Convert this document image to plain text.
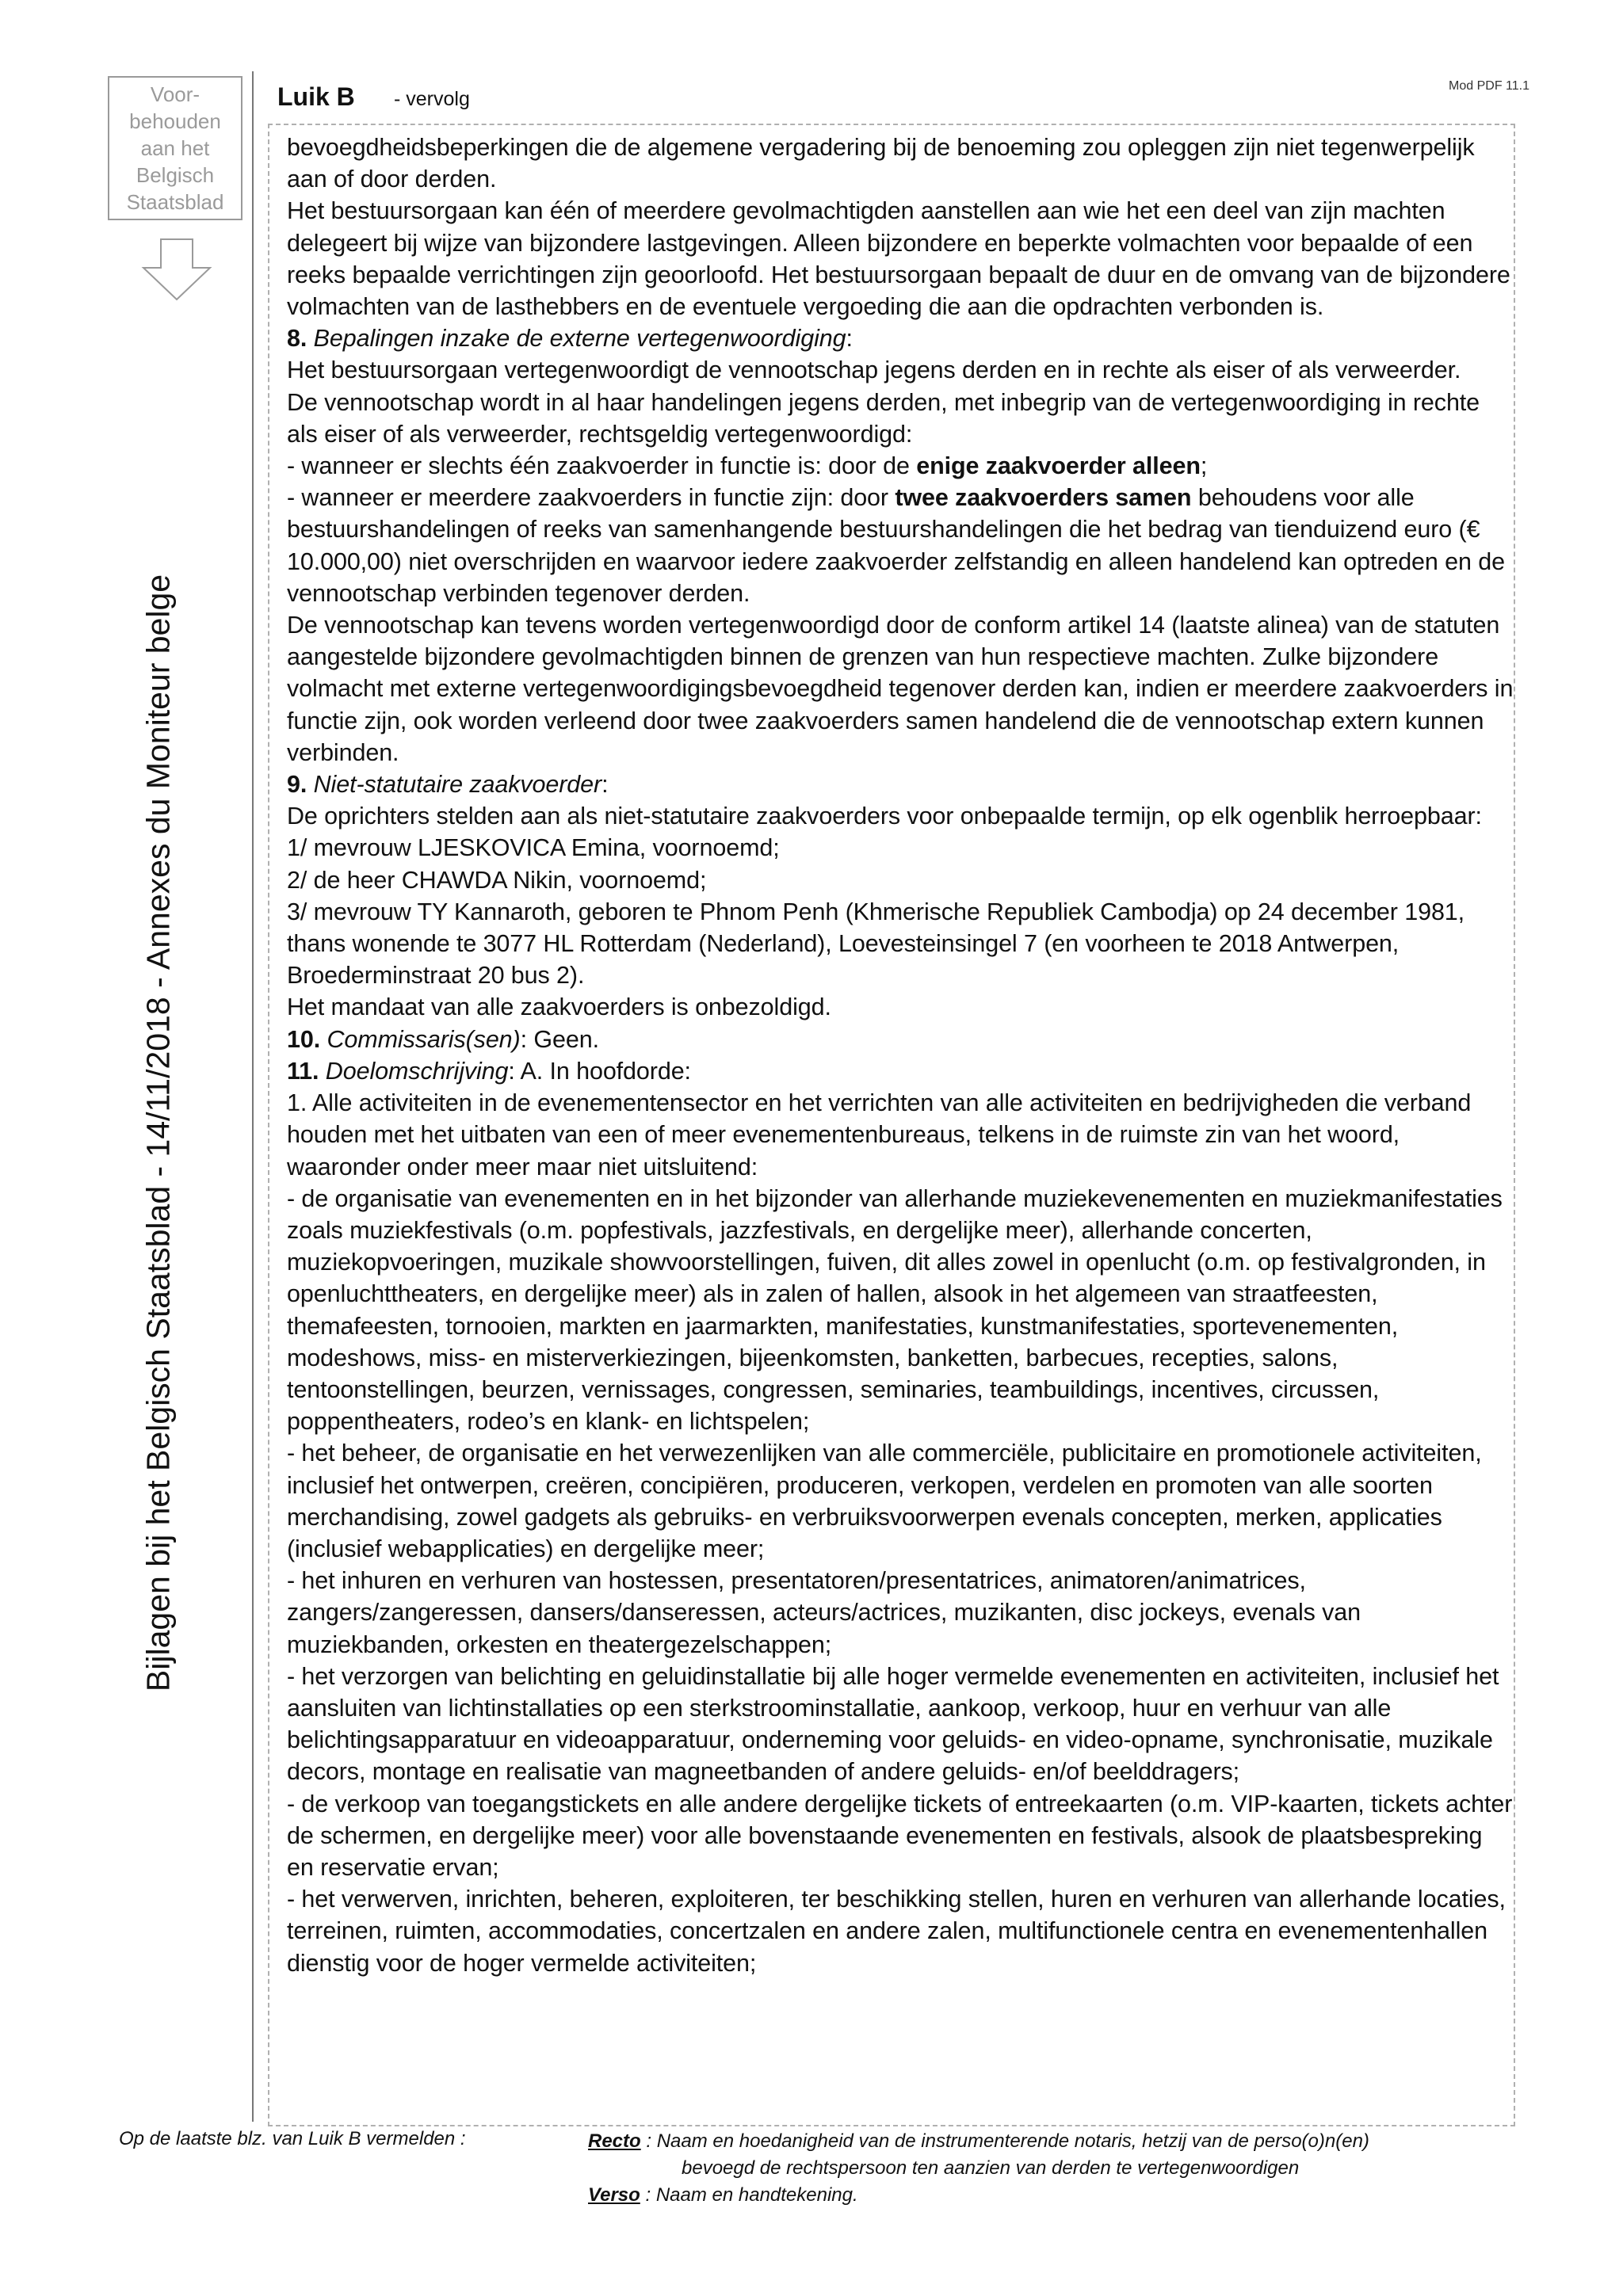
Voor-
behouden
aan het
Belgisch
Staatsblad
Bijlagen bij het Belgisch Staatsblad - 14/11/2018 - Annexes du Moniteur belge
Luik B - vervolg
Mod PDF 11.1

bevoegdheidsbeperkingen die de algemene vergadering bij de benoeming zou opleggen zijn niet tegenwerpelijk aan of door derden.

Het bestuursorgaan kan één of meerdere gevolmachtigden aanstellen aan wie het een deel van zijn machten delegeert bij wijze van bijzondere lastgevingen. Alleen bijzondere en beperkte volmachten voor bepaalde of een reeks bepaalde verrichtingen zijn geoorloofd. Het bestuursorgaan bepaalt de duur en de omvang van de bijzondere volmachten van de lasthebbers en de eventuele vergoeding die aan die opdrachten verbonden is.

8. Bepalingen inzake de externe vertegenwoordiging:

Het bestuursorgaan vertegenwoordigt de vennootschap jegens derden en in rechte als eiser of als verweerder.

De vennootschap wordt in al haar handelingen jegens derden, met inbegrip van de vertegenwoordiging in rechte als eiser of als verweerder, rechtsgeldig vertegenwoordigd:

- wanneer er slechts één zaakvoerder in functie is: door de enige zaakvoerder alleen;

- wanneer er meerdere zaakvoerders in functie zijn: door twee zaakvoerders samen behoudens voor alle bestuurshandelingen of reeks van samenhangende bestuurshandelingen die het bedrag van tienduizend euro (€ 10.000,00) niet overschrijden en waarvoor iedere zaakvoerder zelfstandig en alleen handelend kan optreden en de vennootschap verbinden tegenover derden.

De vennootschap kan tevens worden vertegenwoordigd door de conform artikel 14 (laatste alinea) van de statuten aangestelde bijzondere gevolmachtigden binnen de grenzen van hun respectieve machten. Zulke bijzondere volmacht met externe vertegenwoordigingsbevoegdheid tegenover derden kan, indien er meerdere zaakvoerders in functie zijn, ook worden verleend door twee zaakvoerders samen handelend die de vennootschap extern kunnen verbinden.

9. Niet-statutaire zaakvoerder:

De oprichters stelden aan als niet-statutaire zaakvoerders voor onbepaalde termijn, op elk ogenblik herroepbaar:

1/ mevrouw LJESKOVICA Emina, voornoemd;

2/ de heer CHAWDA Nikin, voornoemd;

3/ mevrouw TY Kannaroth, geboren te Phnom Penh (Khmerische Republiek Cambodja) op 24 december 1981, thans wonende te 3077 HL Rotterdam (Nederland), Loevesteinsingel 7 (en voorheen te 2018 Antwerpen, Broederminstraat 20 bus 2).

Het mandaat van alle zaakvoerders is onbezoldigd.

10. Commissaris(sen): Geen.

11. Doelomschrijving: A. In hoofdorde:

1. Alle activiteiten in de evenementensector en het verrichten van alle activiteiten en bedrijvigheden die verband houden met het uitbaten van een of meer evenementenbureaus, telkens in de ruimste zin van het woord, waaronder onder meer maar niet uitsluitend:

- de organisatie van evenementen en in het bijzonder van allerhande muziekevenementen en muziekmanifestaties zoals muziekfestivals (o.m. popfestivals, jazzfestivals, en dergelijke meer), allerhande concerten, muziekopvoeringen, muzikale showvoorstellingen, fuiven, dit alles zowel in openlucht (o.m. op festivalgronden, in openluchttheaters, en dergelijke meer) als in zalen of hallen, alsook in het algemeen van straatfeesten, themafeesten, tornooien, markten en jaarmarkten, manifestaties, kunstmanifestaties, sportevenementen, modeshows, miss- en misterverkiezingen, bijeenkomsten, banketten, barbecues, recepties, salons, tentoonstellingen, beurzen, vernissages, congressen, seminaries, teambuildings, incentives, circussen, poppentheaters, rodeo’s en klank- en lichtspelen;

- het beheer, de organisatie en het verwezenlijken van alle commerciële, publicitaire en promotionele activiteiten, inclusief het ontwerpen, creëren, concipiëren, produceren, verkopen, verdelen en promoten van alle soorten merchandising, zowel gadgets als gebruiks- en verbruiksvoorwerpen evenals concepten, merken, applicaties (inclusief webapplicaties) en dergelijke meer;

- het inhuren en verhuren van hostessen, presentatoren/presentatrices, animatoren/animatrices, zangers/zangeressen, dansers/danseressen, acteurs/actrices, muzikanten, disc jockeys, evenals van muziekbanden, orkesten en theatergezelschappen;

- het verzorgen van belichting en geluidinstallatie bij alle hoger vermelde evenementen en activiteiten, inclusief het aansluiten van lichtinstallaties op een sterkstroominstallatie, aankoop, verkoop, huur en verhuur van alle belichtingsapparatuur en videoapparatuur, onderneming voor geluids- en video-opname, synchronisatie, muzikale decors, montage en realisatie van magneetbanden of andere geluids- en/of beelddragers;

- de verkoop van toegangstickets en alle andere dergelijke tickets of entreekaarten (o.m. VIP-kaarten, tickets achter de schermen, en dergelijke meer) voor alle bovenstaande evenementen en festivals, alsook de plaatsbespreking en reservatie ervan;

- het verwerven, inrichten, beheren, exploiteren, ter beschikking stellen, huren en verhuren van allerhande locaties, terreinen, ruimten, accommodaties, concertzalen en andere zalen, multifunctionele centra en evenementenhallen dienstig voor de hoger vermelde activiteiten;

Op de laatste blz. van Luik B vermelden :	Recto : Naam en hoedanigheid van de instrumenterende notaris, hetzij van de perso(o)n(en)
bevoegd de rechtspersoon ten aanzien van derden te vertegenwoordigen
Verso : Naam en handtekening.
